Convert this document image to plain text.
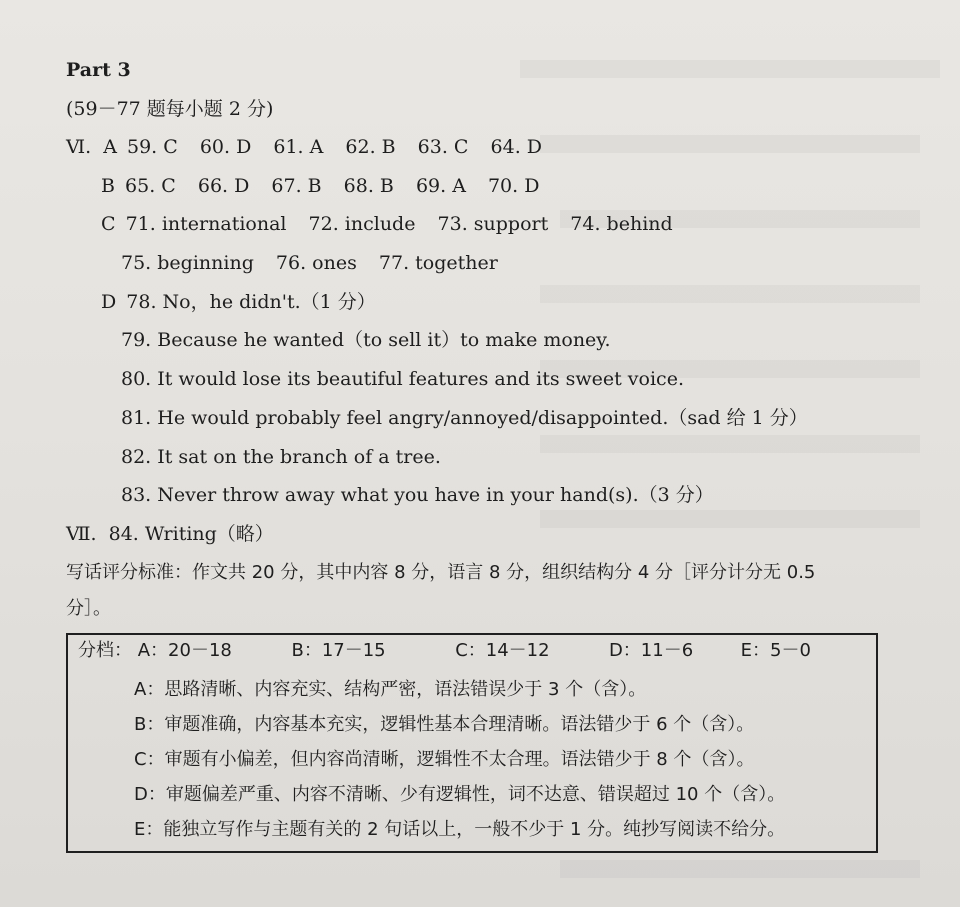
Part 3
(59－77 题每小题 2 分)
Ⅵ. A 59. C 60. D 61. A 62. B 63. C 64. D
B 65. C 66. D 67. B 68. B 69. A 70. D
C 71. international 72. include 73. support 74. behind
75. beginning 76. ones 77. together
D 78. No，he didn't.（1 分）
79. Because he wanted（to sell it）to make money.
80. It would lose its beautiful features and its sweet voice.
81. He would probably feel angry/annoyed/disappointed.（sad 给 1 分）
82. It sat on the branch of a tree.
83. Never throw away what you have in your hand(s).（3 分）
Ⅶ. 84. Writing（略）
写话评分标准：作文共 20 分，其中内容 8 分，语言 8 分，组织结构分 4 分［评分计分无 0.5
分］。
分档： A：20－18	B：17－15	C：14－12	D：11－6	E：5－0
A：思路清晰、内容充实、结构严密，语法错误少于 3 个（含）。
B：审题准确，内容基本充实，逻辑性基本合理清晰。语法错少于 6 个（含）。
C：审题有小偏差，但内容尚清晰，逻辑性不太合理。语法错少于 8 个（含）。
D：审题偏差严重、内容不清晰、少有逻辑性，词不达意、错误超过 10 个（含）。
E：能独立写作与主题有关的 2 句话以上，一般不少于 1 分。纯抄写阅读不给分。
